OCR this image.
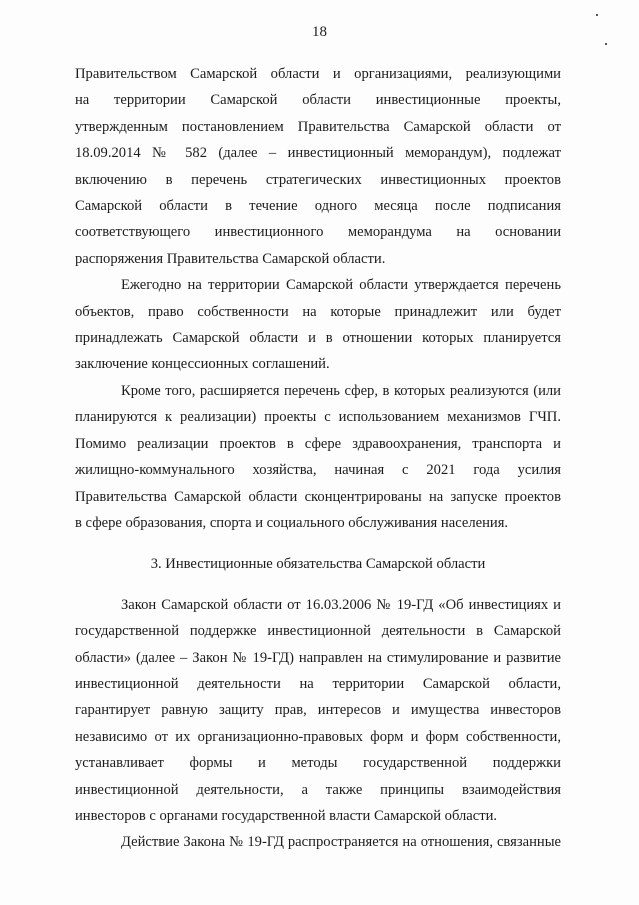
18

Правительством Самарской области и организациями, реализующими
на территории Самарской области инвестиционные проекты,
утвержденным постановлением Правительства Самарской области от
18.09.2014 № 582 (далее – инвестиционный меморандум), подлежат
включению в перечень стратегических инвестиционных проектов
Самарской области в течение одного месяца после подписания
соответствующего инвестиционного меморандума на основании
распоряжения Правительства Самарской области.

Ежегодно на территории Самарской области утверждается перечень
объектов, право собственности на которые принадлежит или будет
принадлежать Самарской области и в отношении которых планируется
заключение концессионных соглашений.

Кроме того, расширяется перечень сфер, в которых реализуются (или
планируются к реализации) проекты с использованием механизмов ГЧП.
Помимо реализации проектов в сфере здравоохранения, транспорта и
жилищно-коммунального хозяйства, начиная с 2021 года усилия
Правительства Самарской области сконцентрированы на запуске проектов
в сфере образования, спорта и социального обслуживания населения.

3. Инвестиционные обязательства Самарской области

Закон Самарской области от 16.03.2006 № 19-ГД «Об инвестициях и
государственной поддержке инвестиционной деятельности в Самарской
области» (далее – Закон № 19-ГД) направлен на стимулирование и развитие
инвестиционной деятельности на территории Самарской области,
гарантирует равную защиту прав, интересов и имущества инвесторов
независимо от их организационно-правовых форм и форм собственности,
устанавливает формы и методы государственной поддержки
инвестиционной деятельности, а также принципы взаимодействия
инвесторов с органами государственной власти Самарской области.

Действие Закона № 19-ГД распространяется на отношения, связанные
